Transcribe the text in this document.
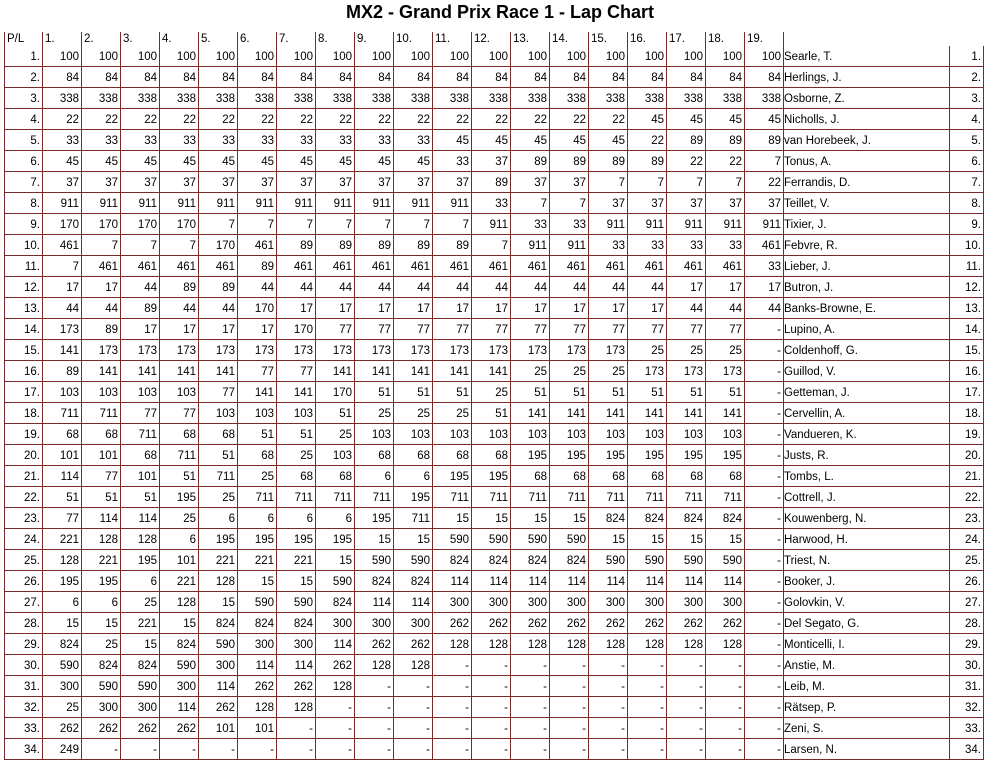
MX2 - Grand Prix Race 1 - Lap Chart
P/L	1.	2.	3.	4.	5.	6.	7.	8.	9.	10.	11.	12.	13.	14.	15.	16.	17.	18.	19.		
1.	100	100	100	100	100	100	100	100	100	100	100	100	100	100	100	100	100	100	100	Searle, T.	1.
2.	84	84	84	84	84	84	84	84	84	84	84	84	84	84	84	84	84	84	84	Herlings, J.	2.
3.	338	338	338	338	338	338	338	338	338	338	338	338	338	338	338	338	338	338	338	Osborne, Z.	3.
4.	22	22	22	22	22	22	22	22	22	22	22	22	22	22	22	45	45	45	45	Nicholls, J.	4.
5.	33	33	33	33	33	33	33	33	33	33	45	45	45	45	45	22	89	89	89	van Horebeek, J.	5.
6.	45	45	45	45	45	45	45	45	45	45	33	37	89	89	89	89	22	22	7	Tonus, A.	6.
7.	37	37	37	37	37	37	37	37	37	37	37	89	37	37	7	7	7	7	22	Ferrandis, D.	7.
8.	911	911	911	911	911	911	911	911	911	911	911	33	7	7	37	37	37	37	37	Teillet, V.	8.
9.	170	170	170	170	7	7	7	7	7	7	7	911	33	33	911	911	911	911	911	Tixier, J.	9.
10.	461	7	7	7	170	461	89	89	89	89	89	7	911	911	33	33	33	33	461	Febvre, R.	10.
11.	7	461	461	461	461	89	461	461	461	461	461	461	461	461	461	461	461	461	33	Lieber, J.	11.
12.	17	17	44	89	89	44	44	44	44	44	44	44	44	44	44	44	17	17	17	Butron, J.	12.
13.	44	44	89	44	44	170	17	17	17	17	17	17	17	17	17	17	44	44	44	Banks-Browne, E.	13.
14.	173	89	17	17	17	17	170	77	77	77	77	77	77	77	77	77	77	77	-	Lupino, A.	14.
15.	141	173	173	173	173	173	173	173	173	173	173	173	173	173	173	25	25	25	-	Coldenhoff, G.	15.
16.	89	141	141	141	141	77	77	141	141	141	141	141	25	25	25	173	173	173	-	Guillod, V.	16.
17.	103	103	103	103	77	141	141	170	51	51	51	25	51	51	51	51	51	51	-	Getteman, J.	17.
18.	711	711	77	77	103	103	103	51	25	25	25	51	141	141	141	141	141	141	-	Cervellin, A.	18.
19.	68	68	711	68	68	51	51	25	103	103	103	103	103	103	103	103	103	103	-	Vandueren, K.	19.
20.	101	101	68	711	51	68	25	103	68	68	68	68	195	195	195	195	195	195	-	Justs, R.	20.
21.	114	77	101	51	711	25	68	68	6	6	195	195	68	68	68	68	68	68	-	Tombs, L.	21.
22.	51	51	51	195	25	711	711	711	711	195	711	711	711	711	711	711	711	711	-	Cottrell, J.	22.
23.	77	114	114	25	6	6	6	6	195	711	15	15	15	15	824	824	824	824	-	Kouwenberg, N.	23.
24.	221	128	128	6	195	195	195	195	15	15	590	590	590	590	15	15	15	15	-	Harwood, H.	24.
25.	128	221	195	101	221	221	221	15	590	590	824	824	824	824	590	590	590	590	-	Triest, N.	25.
26.	195	195	6	221	128	15	15	590	824	824	114	114	114	114	114	114	114	114	-	Booker, J.	26.
27.	6	6	25	128	15	590	590	824	114	114	300	300	300	300	300	300	300	300	-	Golovkin, V.	27.
28.	15	15	221	15	824	824	824	300	300	300	262	262	262	262	262	262	262	262	-	Del Segato, G.	28.
29.	824	25	15	824	590	300	300	114	262	262	128	128	128	128	128	128	128	128	-	Monticelli, I.	29.
30.	590	824	824	590	300	114	114	262	128	128	-	-	-	-	-	-	-	-	-	Anstie, M.	30.
31.	300	590	590	300	114	262	262	128	-	-	-	-	-	-	-	-	-	-	-	Leib, M.	31.
32.	25	300	300	114	262	128	128	-	-	-	-	-	-	-	-	-	-	-	-	Rätsep, P.	32.
33.	262	262	262	262	101	101	-	-	-	-	-	-	-	-	-	-	-	-	-	Zeni, S.	33.
34.	249	-	-	-	-	-	-	-	-	-	-	-	-	-	-	-	-	-	-	Larsen, N.	34.
